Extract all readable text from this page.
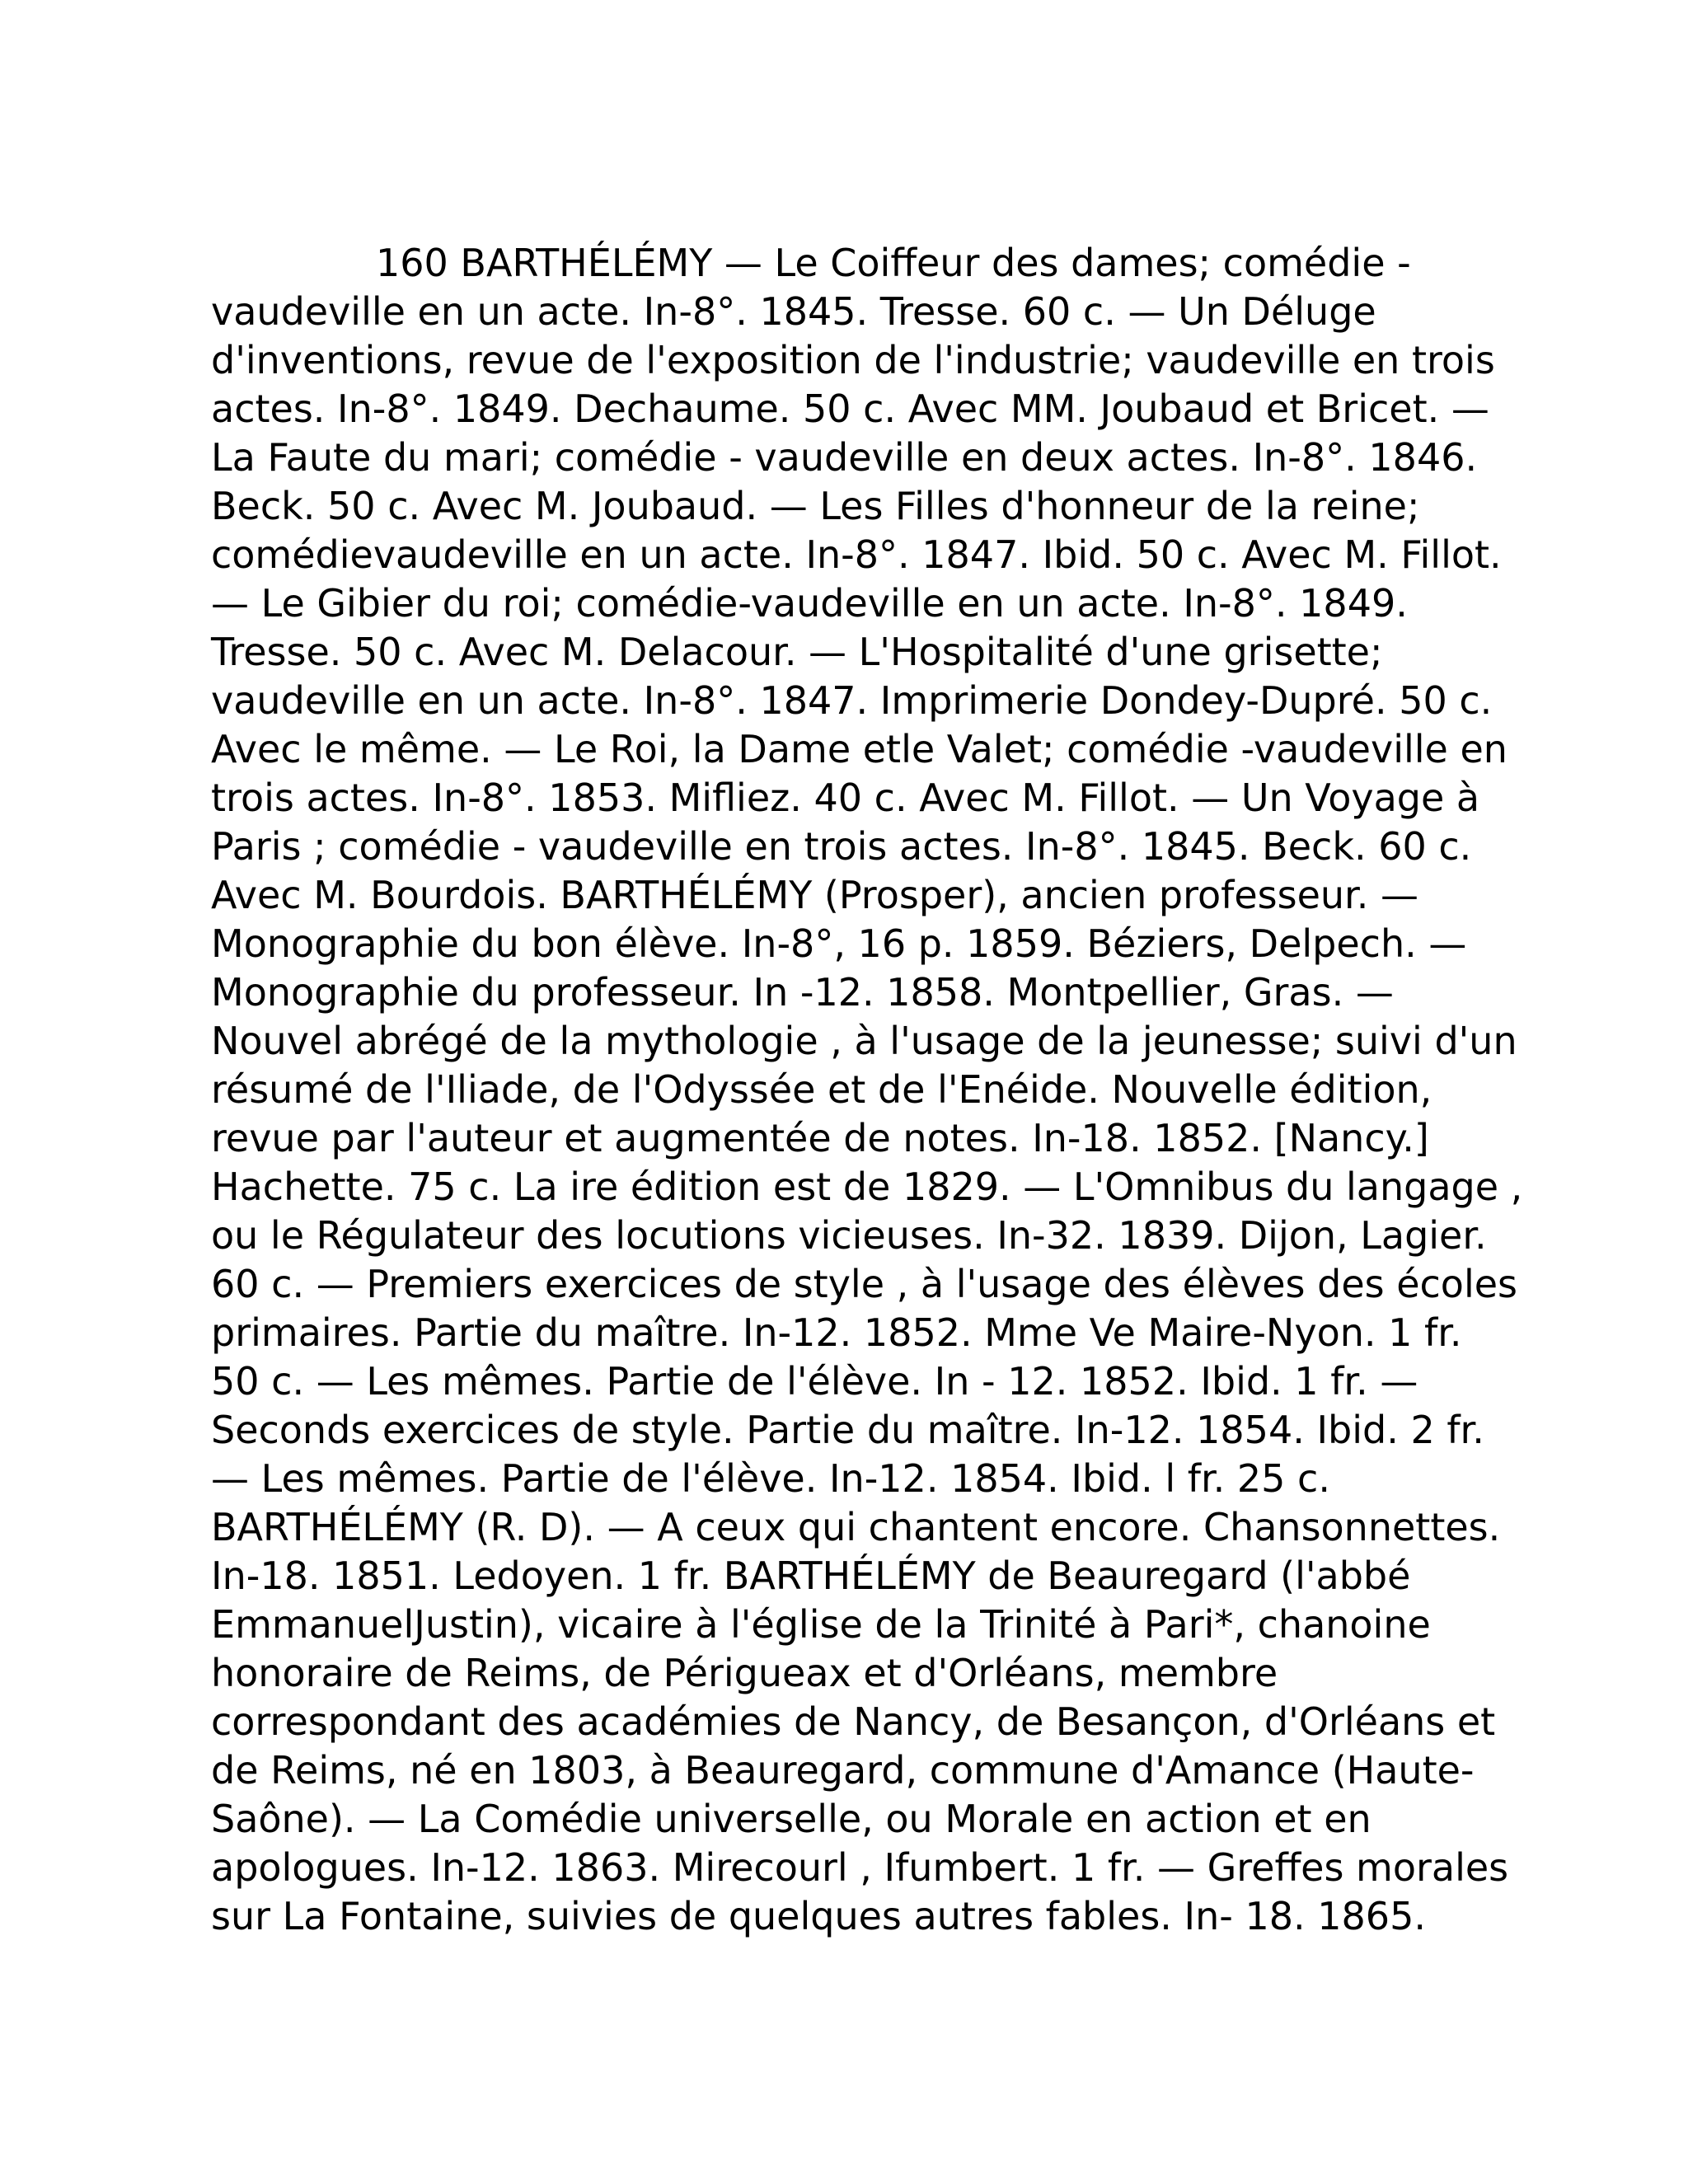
160 BARTHÉLÉMY — Le Coiffeur des dames; comédie -
vaudeville en un acte. In-8°. 1845. Tresse. 60 c. — Un Déluge
d'inventions, revue de l'exposition de l'industrie; vaudeville en trois
actes. In-8°. 1849. Dechaume. 50 c. Avec MM. Joubaud et Bricet. —
La Faute du mari; comédie - vaudeville en deux actes. In-8°. 1846.
Beck. 50 c. Avec M. Joubaud. — Les Filles d'honneur de la reine;
comédievaudeville en un acte. In-8°. 1847. Ibid. 50 c. Avec M. Fillot.
— Le Gibier du roi; comédie-vaudeville en un acte. In-8°. 1849.
Tresse. 50 c. Avec M. Delacour. — L'Hospitalité d'une grisette;
vaudeville en un acte. In-8°. 1847. Imprimerie Dondey-Dupré. 50 c.
Avec le même. — Le Roi, la Dame etle Valet; comédie -vaudeville en
trois actes. In-8°. 1853. Mifliez. 40 c. Avec M. Fillot. — Un Voyage à
Paris ; comédie - vaudeville en trois actes. In-8°. 1845. Beck. 60 c.
Avec M. Bourdois. BARTHÉLÉMY (Prosper), ancien professeur. —
Monographie du bon élève. In-8°, 16 p. 1859. Béziers, Delpech. —
Monographie du professeur. In -12. 1858. Montpellier, Gras. —
Nouvel abrégé de la mythologie , à l'usage de la jeunesse; suivi d'un
résumé de l'Iliade, de l'Odyssée et de l'Enéide. Nouvelle édition,
revue par l'auteur et augmentée de notes. In-18. 1852. [Nancy.]
Hachette. 75 c. La ire édition est de 1829. — L'Omnibus du langage ,
ou le Régulateur des locutions vicieuses. In-32. 1839. Dijon, Lagier.
60 c. — Premiers exercices de style , à l'usage des élèves des écoles
primaires. Partie du maître. In-12. 1852. Mme Ve Maire-Nyon. 1 fr.
50 c. — Les mêmes. Partie de l'élève. In - 12. 1852. Ibid. 1 fr. —
Seconds exercices de style. Partie du maître. In-12. 1854. Ibid. 2 fr.
— Les mêmes. Partie de l'élève. In-12. 1854. Ibid. l fr. 25 c.
BARTHÉLÉMY (R. D). — A ceux qui chantent encore. Chansonnettes.
In-18. 1851. Ledoyen. 1 fr. BARTHÉLÉMY de Beauregard (l'abbé
EmmanuelJustin), vicaire à l'église de la Trinité à Pari*, chanoine
honoraire de Reims, de Périgueax et d'Orléans, membre
correspondant des académies de Nancy, de Besançon, d'Orléans et
de Reims, né en 1803, à Beauregard, commune d'Amance (Haute-
Saône). — La Comédie universelle, ou Morale en action et en
apologues. In-12. 1863. Mirecourl , Ifumbert. 1 fr. — Greffes morales
sur La Fontaine, suivies de quelques autres fables. In- 18. 1865.
